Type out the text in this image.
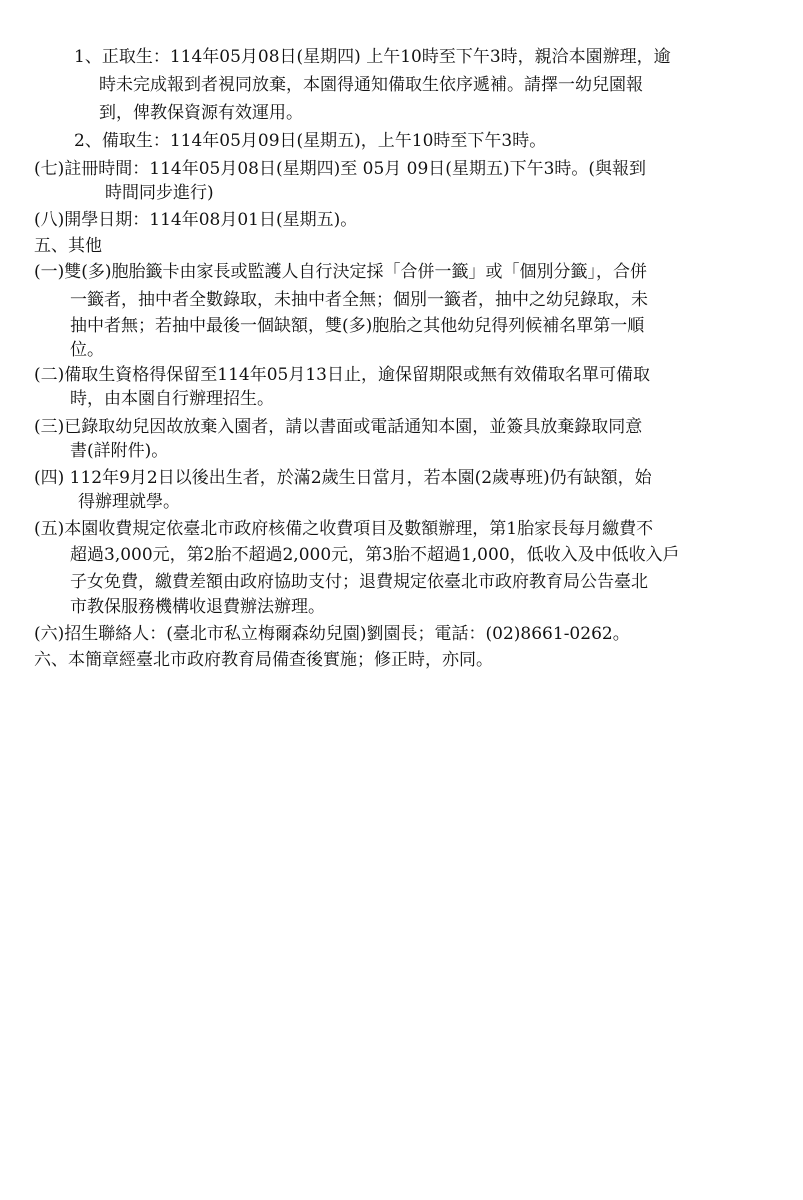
1、正取生：114年05月08日(星期四) 上午10時至下午3時，親洽本園辦理，逾
時未完成報到者視同放棄，本園得通知備取生依序遞補。請擇一幼兒園報
到，俾教保資源有效運用。
2、備取生：114年05月09日(星期五)，上午10時至下午3時。
(七)註冊時間：114年05月08日(星期四)至 05月 09日(星期五)下午3時。(與報到
時間同步進行)
(八)開學日期：114年08月01日(星期五)。
五、其他
(一)雙(多)胞胎籤卡由家長或監護人自行決定採「合併一籤」或「個別分籤」，合併
一籤者，抽中者全數錄取，未抽中者全無；個別一籤者，抽中之幼兒錄取，未
抽中者無；若抽中最後一個缺額，雙(多)胞胎之其他幼兒得列候補名單第一順
位。
(二)備取生資格得保留至114年05月13日止，逾保留期限或無有效備取名單可備取
時，由本園自行辦理招生。
(三)已錄取幼兒因故放棄入園者，請以書面或電話通知本園，並簽具放棄錄取同意
書(詳附件)。
(四) 112年9月2日以後出生者，於滿2歲生日當月，若本園(2歲專班)仍有缺額，始
得辦理就學。
(五)本園收費規定依臺北市政府核備之收費項目及數額辦理，第1胎家長每月繳費不
超過3,000元，第2胎不超過2,000元，第3胎不超過1,000，低收入及中低收入戶
子女免費，繳費差額由政府協助支付；退費規定依臺北市政府教育局公告臺北
市教保服務機構收退費辦法辦理。
(六)招生聯絡人：(臺北市私立梅爾森幼兒園)劉園長；電話：(02)8661-0262。
六、本簡章經臺北市政府教育局備查後實施；修正時，亦同。
